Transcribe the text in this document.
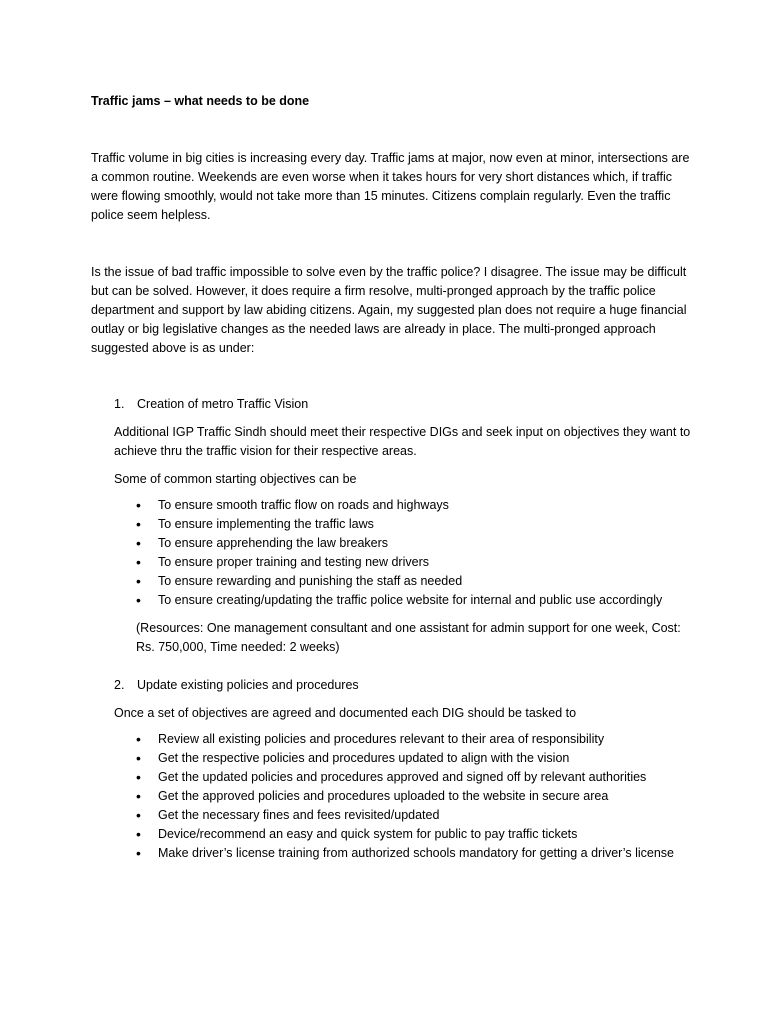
Traffic jams – what needs to be done

Traffic volume in big cities is increasing every day. Traffic jams at major, now even at minor, intersections are a common routine. Weekends are even worse when it takes hours for very short distances which, if traffic were flowing smoothly, would not take more than 15 minutes. Citizens complain regularly. Even the traffic police seem helpless.

Is the issue of bad traffic impossible to solve even by the traffic police? I disagree. The issue may be difficult but can be solved. However, it does require a firm resolve, multi-pronged approach by the traffic police department and support by law abiding citizens. Again, my suggested plan does not require a huge financial outlay or big legislative changes as the needed laws are already in place. The multi-pronged approach suggested above is as under:

1.	Creation of metro Traffic Vision

Additional IGP Traffic Sindh should meet their respective DIGs and seek input on objectives they want to achieve thru the traffic vision for their respective areas.

Some of common starting objectives can be

• To ensure smooth traffic flow on roads and highways
• To ensure implementing the traffic laws
• To ensure apprehending the law breakers
• To ensure proper training and testing new drivers
• To ensure rewarding and punishing the staff as needed
• To ensure creating/updating the traffic police website for internal and public use accordingly

(Resources: One management consultant and one assistant for admin support for one week, Cost: Rs. 750,000, Time needed: 2 weeks)

2.	Update existing policies and procedures

Once a set of objectives are agreed and documented each DIG should be tasked to

• Review all existing policies and procedures relevant to their area of responsibility
• Get the respective policies and procedures updated to align with the vision
• Get the updated policies and procedures approved and signed off by relevant authorities
• Get the approved policies and procedures uploaded to the website in secure area
• Get the necessary fines and fees revisited/updated
• Device/recommend an easy and quick system for public to pay traffic tickets
• Make driver’s license training from authorized schools mandatory for getting a driver’s license
